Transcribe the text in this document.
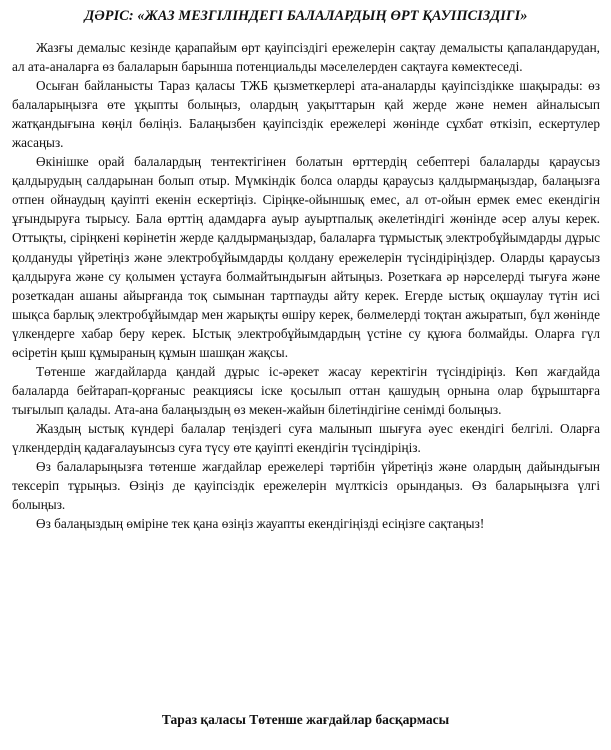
ДӘРІС: «ЖАЗ МЕЗГІЛІНДЕГІ БАЛАЛАРДЫҢ ӨРТ ҚАУІПСІЗДІГІ»

Жазғы демалыс кезінде қарапайым өрт қауіпсіздігі ережелерін сақтау демалысты қапаландарудан, ал ата-аналарға өз балаларын барынша потенциальды мәселелерден сақтауға көмектеседі.

Осыған байланысты Тараз қаласы ТЖБ қызметкерлері ата-аналарды қауіпсіздікке шақырады: өз балаларыңызға өте ұқыпты болыңыз, олардың уақыттарын қай жерде және немен айналысып жатқандығына көңіл бөліңіз. Балаңызбен қауіпсіздік ережелері жөнінде сұхбат өткізіп, ескертулер жасаңыз.

Өкінішке орай балалардың тентектігінен болатын өрттердің себептері балаларды қараусыз қалдырудың салдарынан болып отыр. Мүмкіндік болса оларды қараусыз қалдырмаңыздар, балаңызға отпен ойнаудың қауіпті екенін ескертіңіз. Сіріңке-ойыншық емес, ал от-ойын ермек емес екендігін ұғындыруға тырысу. Бала өрттің адамдарға ауыр ауыртпалық әкелетіндігі жөнінде әсер алуы керек. Оттықты, сіріңкені көрінетін жерде қалдырмаңыздар, балаларға тұрмыстық электробұйымдарды дұрыс қолдануды үйретіңіз және электробұйымдарды қолдану ережелерін түсіндіріңіздер. Оларды қараусыз қалдыруға және су қолымен ұстауға болмайтындығын айтыңыз. Розеткаға әр нәрселерді тығуға және розеткадан ашаны айырғанда тоқ сымынан тартпауды айту керек. Егерде ыстық оқшаулау түтін исі шықса барлық электробұйымдар мен жарықты өшіру керек, бөлмелерді тоқтан ажыратып, бұл жөнінде үлкендерге хабар беру керек. Ыстық электробұйымдардың үстіне су құюға болмайды. Оларға гүл өсіретін қыш құмыраның құмын шашқан жақсы.

Төтенше жағдайларда қандай дұрыс іс-әрекет жасау керектігін түсіндіріңіз. Көп жағдайда балаларда бейтарап-қорғаныс реакциясы іске қосылып оттан қашудың орнына олар бұрыштарға тығылып қалады. Ата-ана балаңыздың өз мекен-жайын білетіндігіне сенімді болыңыз.

Жаздың ыстық күндері балалар теңіздегі суға малынып шығуға әуес екендігі белгілі. Оларға үлкендердің қадағалауынсыз суға түсу өте қауіпті екендігін түсіндіріңіз.

Өз балаларыңызға төтенше жағдайлар ережелері тәртібін үйретіңіз және олардың дайындығын тексеріп тұрыңыз. Өзіңіз де қауіпсіздік ережелерін мүлткісіз орындаңыз. Өз баларыңызға үлгі болыңыз.

Өз балаңыздың өміріне тек қана өзіңіз жауапты екендігіңізді есіңізге сақтаңыз!

Тараз қаласы Төтенше жағдайлар басқармасы
